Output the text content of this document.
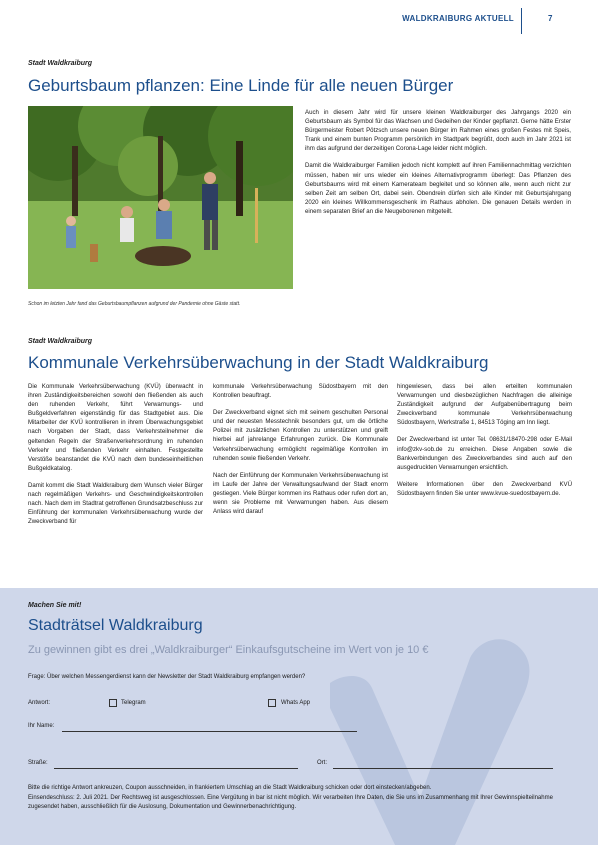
WALDKRAIBURG AKTUELL	7
Stadt Waldkraiburg
Geburtsbaum pflanzen: Eine Linde für alle neuen Bürger
Schon im letzten Jahr fand das Geburtsbaumpflanzen aufgrund der Pandemie ohne Gäste statt.

Auch in diesem Jahr wird für unsere kleinen Waldkraiburger des Jahrgangs 2020 ein Geburtsbaum als Symbol für das Wachsen und Gedeihen der Kinder gepflanzt. Gerne hätte Erster Bürgermeister Robert Pötzsch unsere neuen Bürger im Rahmen eines großen Festes mit Speis, Trank und einem bunten Programm persönlich im Stadtpark begrüßt, doch auch im Jahr 2021 ist ihm das aufgrund der derzeitigen Corona-Lage leider nicht möglich.

Damit die Waldkraiburger Familien jedoch nicht komplett auf ihren Familiennachmittag verzichten müssen, haben wir uns wieder ein kleines Alternativprogramm überlegt: Das Pflanzen des Geburtsbaums wird mit einem Kamerateam begleitet und so können alle, wenn auch nicht zur selben Zeit am selben Ort, dabei sein. Obendrein dürfen sich alle Kinder mit Geburtsjahrgang 2020 ein kleines Willkommensgeschenk im Rathaus abholen. Die genauen Details werden in einem separaten Brief an die Neugeborenen mitgeteilt.

Stadt Waldkraiburg
Kommunale Verkehrsüberwachung in der Stadt Waldkraiburg

Die Kommunale Verkehrsüberwachung (KVÜ) überwacht in ihren Zuständigkeitsbereichen sowohl den fließenden als auch den ruhenden Verkehr, führt Verwarnungs- und Bußgeldverfahren eigenständig für das Stadtgebiet aus. Die Mitarbeiter der KVÜ kontrollieren in ihrem Überwachungsgebiet nach Vorgaben der Stadt, dass Verkehrsteilnehmer die geltenden Regeln der Straßenverkehrsordnung im ruhenden Verkehr und fließenden Verkehr einhalten. Festgestellte Verstöße beanstandet die KVÜ nach dem bundeseinheitlichen Bußgeldkatalog.

Damit kommt die Stadt Waldkraiburg dem Wunsch vieler Bürger nach regelmäßigen Verkehrs- und Geschwindigkeitskontrollen nach. Nach dem im Stadtrat getroffenen Grundsatzbeschluss zur Einführung der kommunalen Verkehrsüberwachung wurde der Zweckverband für

kommunale Verkehrsüberwachung Südostbayern mit den Kontrollen beauftragt.

Der Zweckverband eignet sich mit seinem geschulten Personal und der neuesten Messtechnik besonders gut, um die örtliche Polizei mit zusätzlichen Kontrollen zu unterstützen und greift hierbei auf jahrelange Erfahrungen zurück. Die Kommunale Verkehrsüberwachung ermöglicht regelmäßige Kontrollen im ruhenden sowie fließenden Verkehr.

Nach der Einführung der Kommunalen Verkehrsüberwachung ist im Laufe der Jahre der Verwaltungsaufwand der Stadt enorm gestiegen. Viele Bürger kommen ins Rathaus oder rufen dort an, wenn sie Probleme mit Verwarnungen haben. Aus diesem Anlass wird darauf

hingewiesen, dass bei allen erteilten kommunalen Verwarnungen und diesbezüglichen Nachfragen die alleinige Zuständigkeit aufgrund der Aufgabenübertragung beim Zweckverband kommunale Verkehrsüberwachung Südostbayern, Werkstraße 1, 84513 Töging am Inn liegt.

Der Zweckverband ist unter Tel. 08631/18470-298 oder E-Mail info@zkv-sob.de zu erreichen. Diese Angaben sowie die Bankverbindungen des Zweckverbandes sind auch auf den ausgedruckten Verwarnungen ersichtlich.

Weitere Informationen über den Zweckverband KVÜ Südostbayern finden Sie unter www.kvue-suedostbayern.de.

Machen Sie mit!
Stadträtsel Waldkraiburg
Zu gewinnen gibt es drei „Waldkraiburger“ Einkaufsgutscheine im Wert von je 10 €
Frage: Über welchen Messengerdienst kann der Newsletter der Stadt Waldkraiburg empfangen werden?
Antwort:	Telegram	Whats App
Ihr Name:
Straße:	Ort:

Bitte die richtige Antwort ankreuzen, Coupon ausschneiden, in frankiertem Umschlag an die Stadt Waldkraiburg schicken oder dort einstecken/abgeben.

Einsendeschluss: 2. Juli 2021. Der Rechtsweg ist ausgeschlossen. Eine Vergütung in bar ist nicht möglich. Wir verarbeiten Ihre Daten, die Sie uns im Zusammenhang mit Ihrer Gewinnspielteilnahme zugesendet haben, ausschließlich für die Auslosung, Dokumentation und Gewinnerbenachrichtigung.
